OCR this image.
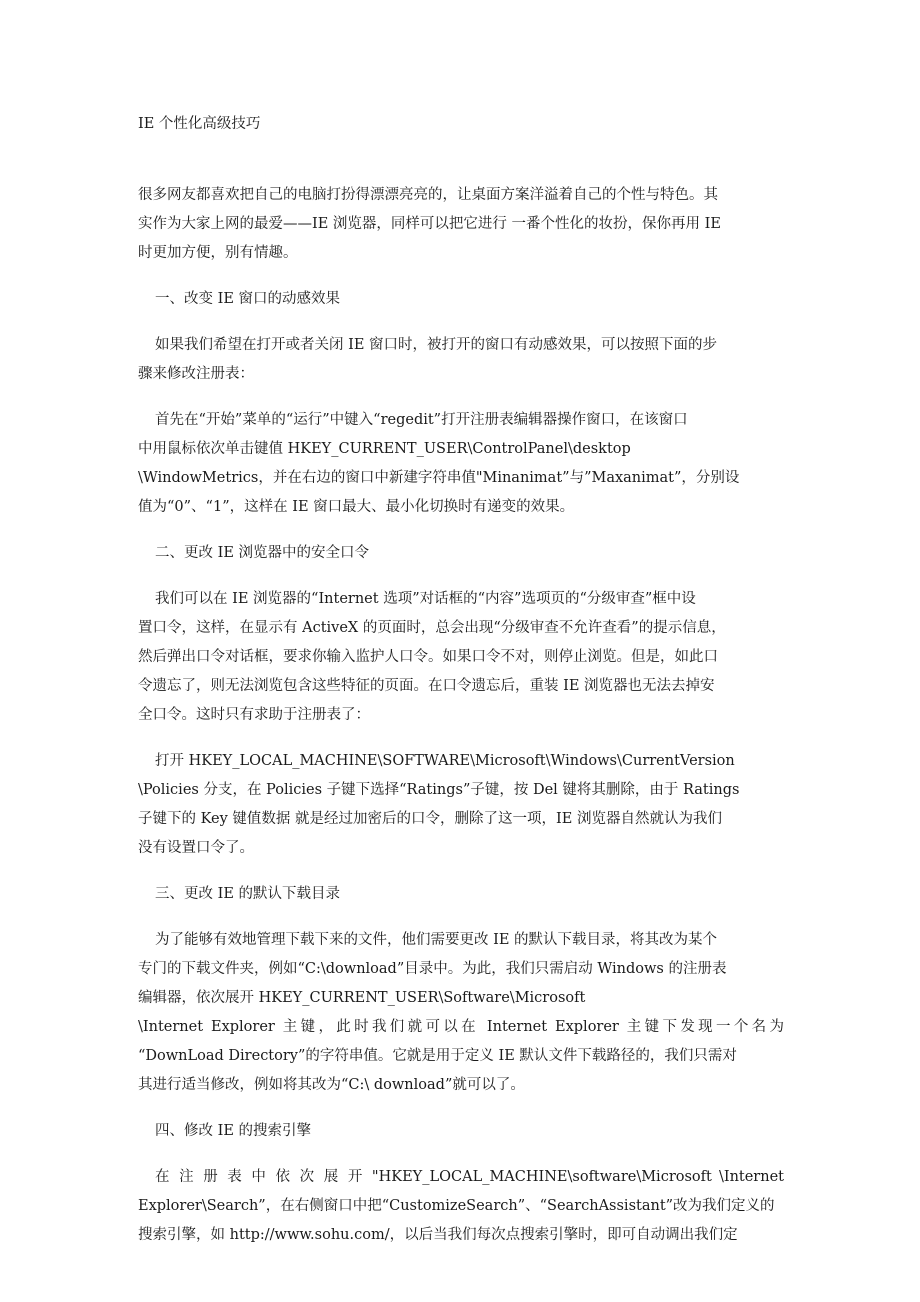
IE 个性化高级技巧

很多网友都喜欢把自己的电脑打扮得漂漂亮亮的，让桌面方案洋溢着自己的个性与特色。其
实作为大家上网的最爱——IE 浏览器，同样可以把它进行 一番个性化的妆扮，保你再用 IE
时更加方便，别有情趣。

一、改变 IE 窗口的动感效果

如果我们希望在打开或者关闭 IE 窗口时，被打开的窗口有动感效果，可以按照下面的步
骤来修改注册表：

首先在“开始”菜单的“运行”中键入“regedit”打开注册表编辑器操作窗口，在该窗口
中用鼠标依次单击键值 HKEY_CURRENT_USER\ControlPanel\desktop
\WindowMetrics，并在右边的窗口中新建字符串值"Minanimat”与”Maxanimat”，分别设
值为“0”、“1”，这样在 IE 窗口最大、最小化切换时有递变的效果。

二、更改 IE 浏览器中的安全口令

我们可以在 IE 浏览器的“Internet 选项”对话框的“内容”选项页的“分级审查”框中设
置口令，这样，在显示有 ActiveX 的页面时，总会出现“分级审查不允许查看”的提示信息，
然后弹出口令对话框，要求你输入监护人口令。如果口令不对，则停止浏览。但是，如此口
令遗忘了，则无法浏览包含这些特征的页面。在口令遗忘后，重装 IE 浏览器也无法去掉安
全口令。这时只有求助于注册表了：

打开 HKEY_LOCAL_MACHINE\SOFTWARE\Microsoft\Windows\CurrentVersion
\Policies 分支，在 Policies 子键下选择“Ratings”子键，按 Del 键将其删除，由于 Ratings
子键下的 Key 键值数据 就是经过加密后的口令，删除了这一项，IE 浏览器自然就认为我们
没有设置口令了。

三、更改 IE 的默认下载目录

为了能够有效地管理下载下来的文件，他们需要更改 IE 的默认下载目录，将其改为某个
专门的下载文件夹，例如“C:\download”目录中。为此，我们只需启动 Windows 的注册表
编辑器，依次展开 HKEY_CURRENT_USER\Software\Microsoft
\Internet Explorer 主键，此时我们就可以在 Internet Explorer 主键下发现一个名为
“DownLoad Directory”的字符串值。它就是用于定义 IE 默认文件下载路径的，我们只需对
其进行适当修改，例如将其改为“C:\ download”就可以了。

四、修改 IE 的搜索引擎

在 注 册 表 中 依 次 展 开 "HKEY_LOCAL_MACHINE\software\Microsoft \Internet
Explorer\Search”，在右侧窗口中把“CustomizeSearch”、“SearchAssistant”改为我们定义的
搜索引擎，如 http://www.sohu.com/，以后当我们每次点搜索引擎时，即可自动调出我们定
